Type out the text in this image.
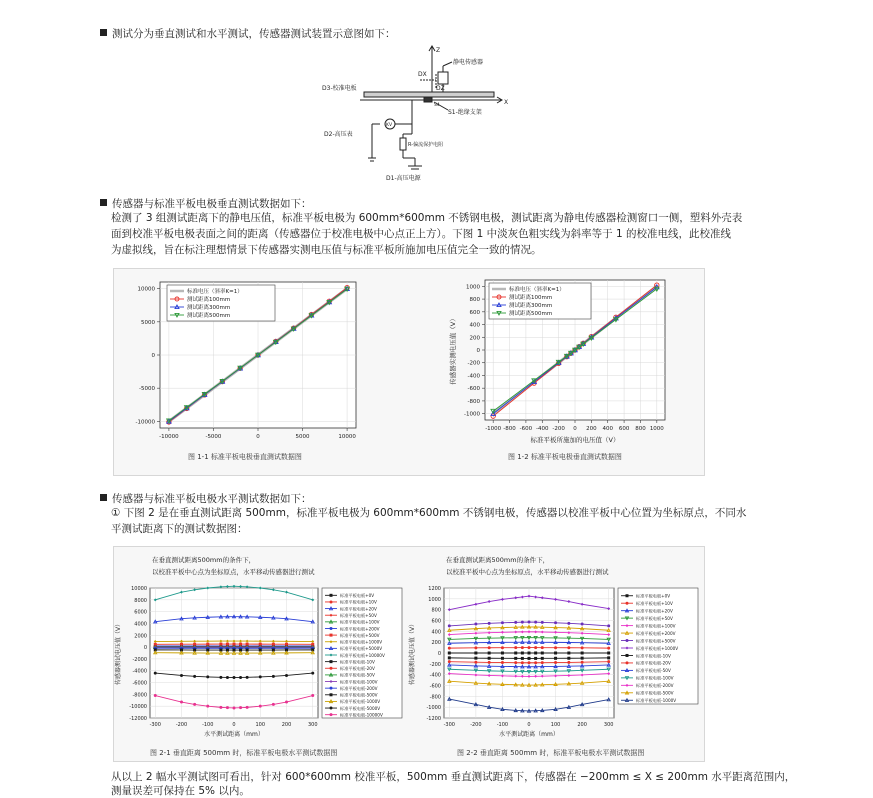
测试分为垂直测试和水平测试，传感器测试装置示意图如下：
Z
X
DX
DZ
静电传感器
D3-校准电板
S1-绝缘支架
S4
D2-高压表
KV
R-偏流保护电阻
D1-高压电源
传感器与标准平板电极垂直测试数据如下：
检测了 3 组测试距离下的静电压值，标准平板电极为 600mm*600mm 不锈钢电极，测试距离为静电传感器检测窗口一侧，塑料外壳表
面到校准平板电极表面之间的距离（传感器位于校准电极中心点正上方）。下图 1 中淡灰色粗实线为斜率等于 1 的校准电线，此校准线
为虚拟线，旨在标注理想情景下传感器实测电压值与标准平板所施加电压值完全一致的情况。
-10000	-5000	0	5000	10000
10000
5000
0
-5000
-10000
标准电压（斜率K=1）
测试距离100mm
测试距离300mm
测试距离500mm
-1000 -800 -600 -400 -200 0 200 400 600 800 1000
1000
800
600
400
200
0
-200
-400
-600
-800
-1000
标准电压（斜率K=1）
测试距离100mm
测试距离300mm
测试距离500mm
标准平板所施加的电压值（V）
传感器实测电压值（V）
图 1-1 标准平板电极垂直测试数据图	图 1-2 标准平板电极垂直测试数据图
传感器与标准平板电极水平测试数据如下：
① 下图 2 是在垂直测试距离 500mm，标准平板电极为 600mm*600mm 不锈钢电极，传感器以校准平板中心位置为坐标原点，不同水
平测试距离下的测试数据图：
在垂直测试距离500mm的条件下，
以校准平板中心点为坐标原点，水平移动传感器进行测试
-300	-200	-100	0	100	200	300
10000
8000
6000
4000
2000
0
-2000
-4000
-6000
-8000
-10000
-12000
水平测试距离（mm）
传感器测试电压值（V）
标准平板电板+0V
标准平板电板+10V
标准平板电板+20V
标准平板电板+50V
标准平板电板+100V
标准平板电板+200V
标准平板电板+500V
标准平板电板+1000V
标准平板电板+5000V
标准平板电板+10000V
标准平板电板-10V
标准平板电板-20V
标准平板电板-50V
标准平板电板-100V
标准平板电板-200V
标准平板电板-500V
标准平板电板-1000V
标准平板电板-5000V
标准平板电板-10000V
在垂直测试距离500mm的条件下，
以校准平板中心点为坐标原点，水平移动传感器进行测试
-300	-200	-100	0	100	200	300
1200
1000
800
600
400
200
0
-200
-400
-600
-800
-1000
-1200
水平测试距离（mm）
传感器测试电压值（V）
标准平板电板+0V
标准平板电板+10V
标准平板电板+20V
标准平板电板+50V
标准平板电板+100V
标准平板电板+200V
标准平板电板+500V
标准平板电板+1000V
标准平板电板-10V
标准平板电板-20V
标准平板电板-50V
标准平板电板-100V
标准平板电板-200V
标准平板电板-500V
标准平板电板-1000V
图 2-1 垂直距离 500mm 时，标准平板电极水平测试数据图	图 2-2 垂直距离 500mm 时，标准平板电极水平测试数据图
从以上 2 幅水平测试图可看出，针对 600*600mm 校准平板，500mm 垂直测试距离下，传感器在 −200mm ≤ X ≤ 200mm 水平距离范围内，
测量误差可保持在 5% 以内。
